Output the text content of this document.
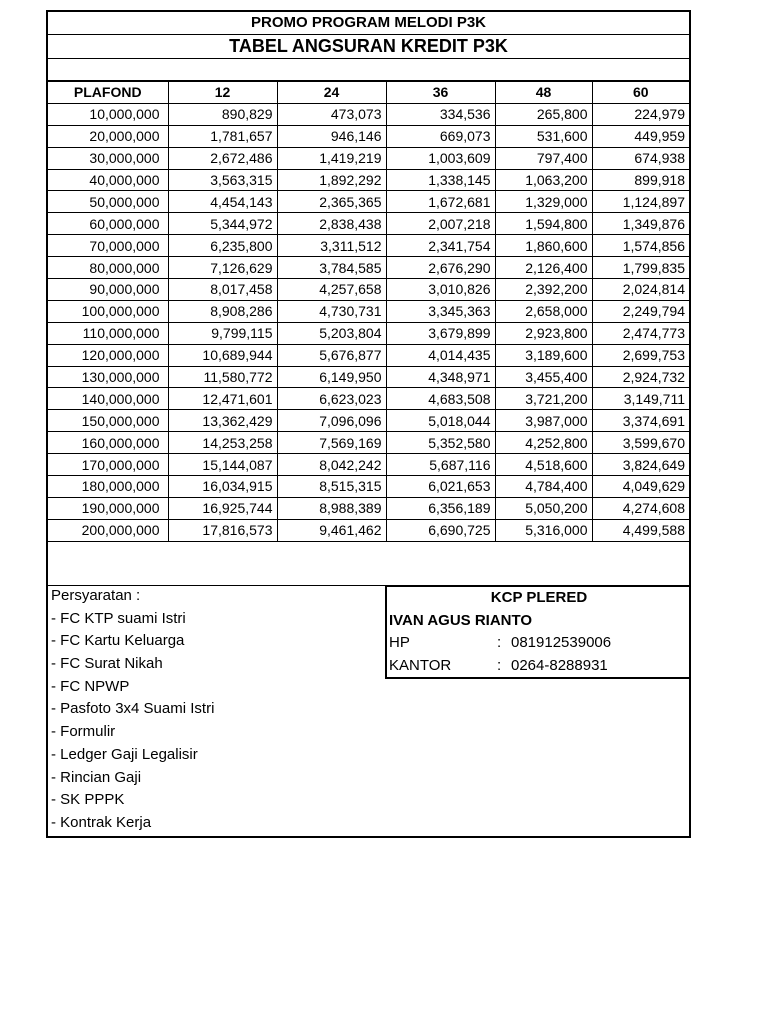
PROMO PROGRAM MELODI P3K
TABEL ANGSURAN KREDIT P3K
PLAFOND	12	24	36	48	60
10,000,000	890,829	473,073	334,536	265,800	224,979
20,000,000	1,781,657	946,146	669,073	531,600	449,959
30,000,000	2,672,486	1,419,219	1,003,609	797,400	674,938
40,000,000	3,563,315	1,892,292	1,338,145	1,063,200	899,918
50,000,000	4,454,143	2,365,365	1,672,681	1,329,000	1,124,897
60,000,000	5,344,972	2,838,438	2,007,218	1,594,800	1,349,876
70,000,000	6,235,800	3,311,512	2,341,754	1,860,600	1,574,856
80,000,000	7,126,629	3,784,585	2,676,290	2,126,400	1,799,835
90,000,000	8,017,458	4,257,658	3,010,826	2,392,200	2,024,814
100,000,000	8,908,286	4,730,731	3,345,363	2,658,000	2,249,794
110,000,000	9,799,115	5,203,804	3,679,899	2,923,800	2,474,773
120,000,000	10,689,944	5,676,877	4,014,435	3,189,600	2,699,753
130,000,000	11,580,772	6,149,950	4,348,971	3,455,400	2,924,732
140,000,000	12,471,601	6,623,023	4,683,508	3,721,200	3,149,711
150,000,000	13,362,429	7,096,096	5,018,044	3,987,000	3,374,691
160,000,000	14,253,258	7,569,169	5,352,580	4,252,800	3,599,670
170,000,000	15,144,087	8,042,242	5,687,116	4,518,600	3,824,649
180,000,000	16,034,915	8,515,315	6,021,653	4,784,400	4,049,629
190,000,000	16,925,744	8,988,389	6,356,189	5,050,200	4,274,608
200,000,000	17,816,573	9,461,462	6,690,725	5,316,000	4,499,588
Persyaratan :
- FC KTP suami Istri
- FC Kartu Keluarga
- FC Surat Nikah
- FC NPWP
- Pasfoto 3x4 Suami Istri
- Formulir
- Ledger Gaji Legalisir
- Rincian Gaji
- SK PPPK
- Kontrak Kerja
KCP PLERED
IVAN AGUS RIANTO
HP	: 081912539006
KANTOR	: 0264-8288931
